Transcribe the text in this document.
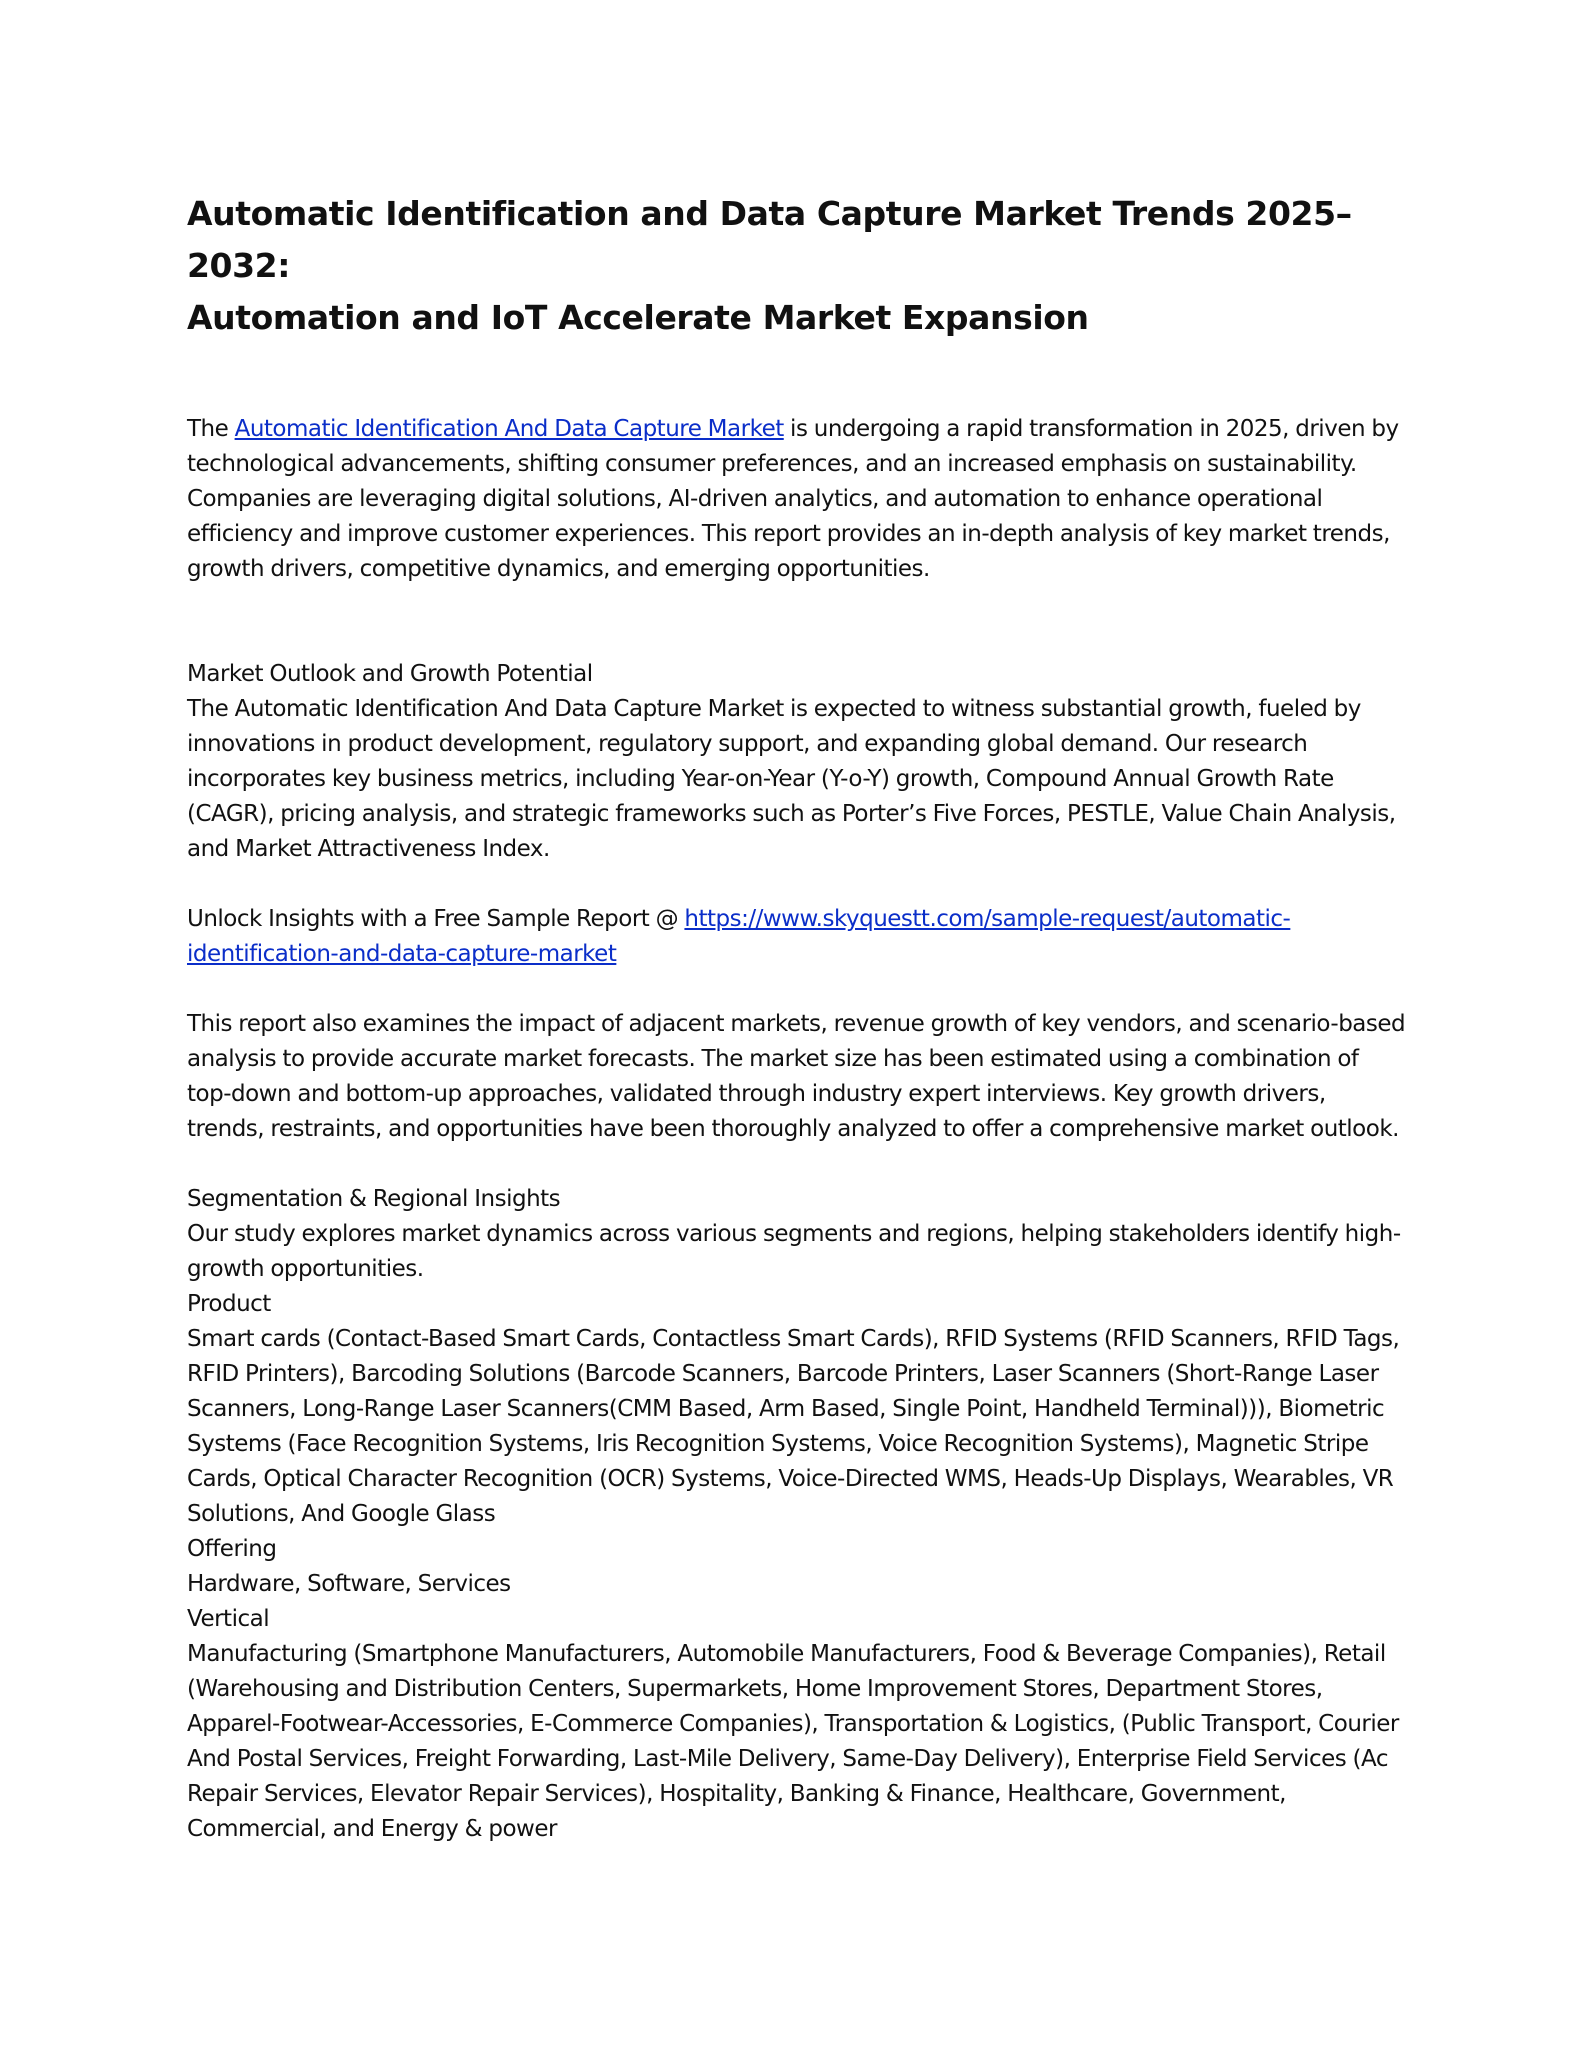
Automatic Identification and Data Capture Market Trends 2025–2032:
Automation and IoT Accelerate Market Expansion

The Automatic Identification And Data Capture Market is undergoing a rapid transformation in 2025, driven by technological advancements, shifting consumer preferences, and an increased emphasis on sustainability. Companies are leveraging digital solutions, AI-driven analytics, and automation to enhance operational efficiency and improve customer experiences. This report provides an in-depth analysis of key market trends, growth drivers, competitive dynamics, and emerging opportunities.

Market Outlook and Growth Potential
The Automatic Identification And Data Capture Market is expected to witness substantial growth, fueled by innovations in product development, regulatory support, and expanding global demand. Our research incorporates key business metrics, including Year-on-Year (Y-o-Y) growth, Compound Annual Growth Rate (CAGR), pricing analysis, and strategic frameworks such as Porter’s Five Forces, PESTLE, Value Chain Analysis, and Market Attractiveness Index.

Unlock Insights with a Free Sample Report @ https://www.skyquestt.com/sample-request/automatic-identification-and-data-capture-market

This report also examines the impact of adjacent markets, revenue growth of key vendors, and scenario-based analysis to provide accurate market forecasts. The market size has been estimated using a combination of top-down and bottom-up approaches, validated through industry expert interviews. Key growth drivers, trends, restraints, and opportunities have been thoroughly analyzed to offer a comprehensive market outlook.

Segmentation & Regional Insights
Our study explores market dynamics across various segments and regions, helping stakeholders identify high-growth opportunities.
Product
Smart cards (Contact-Based Smart Cards, Contactless Smart Cards), RFID Systems (RFID Scanners, RFID Tags, RFID Printers), Barcoding Solutions (Barcode Scanners, Barcode Printers, Laser Scanners (Short-Range Laser Scanners, Long-Range Laser Scanners(CMM Based, Arm Based, Single Point, Handheld Terminal))), Biometric Systems (Face Recognition Systems, Iris Recognition Systems, Voice Recognition Systems), Magnetic Stripe Cards, Optical Character Recognition (OCR) Systems, Voice-Directed WMS, Heads-Up Displays, Wearables, VR Solutions, And Google Glass
Offering
Hardware, Software, Services
Vertical
Manufacturing (Smartphone Manufacturers, Automobile Manufacturers, Food & Beverage Companies), Retail (Warehousing and Distribution Centers, Supermarkets, Home Improvement Stores, Department Stores, Apparel-Footwear-Accessories, E-Commerce Companies), Transportation & Logistics, (Public Transport, Courier And Postal Services, Freight Forwarding, Last-Mile Delivery, Same-Day Delivery), Enterprise Field Services (Ac Repair Services, Elevator Repair Services), Hospitality, Banking & Finance, Healthcare, Government, Commercial, and Energy & power
